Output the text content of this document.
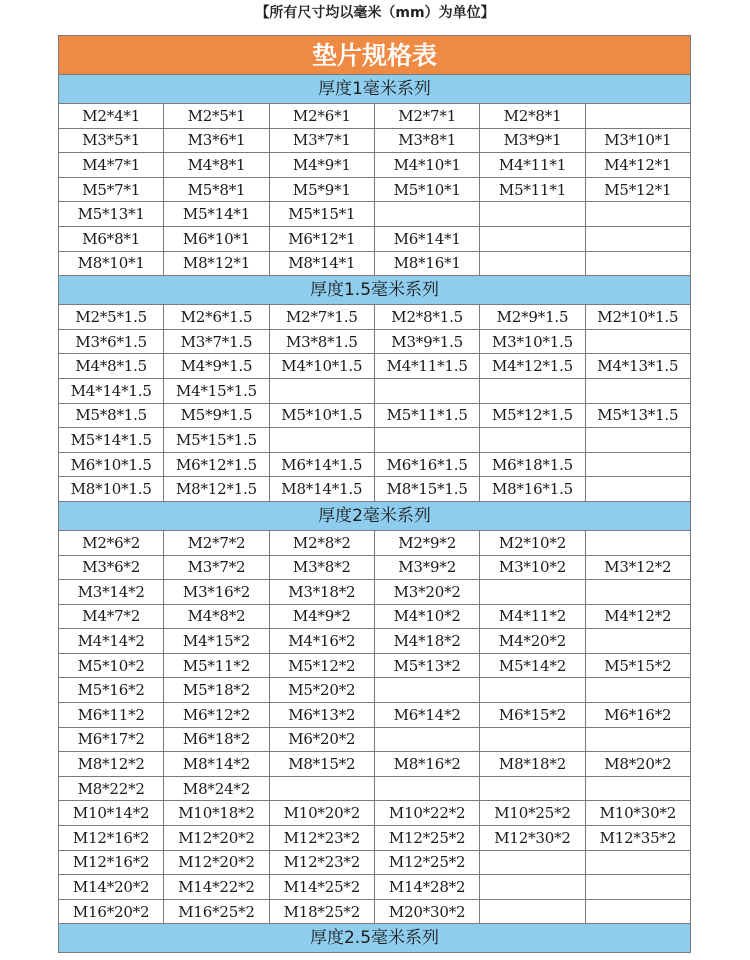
【所有尺寸均以毫米（mm）为单位】
垫片规格表
厚度1毫米系列
M2*4*1	M2*5*1	M2*6*1	M2*7*1	M2*8*1	
M3*5*1	M3*6*1	M3*7*1	M3*8*1	M3*9*1	M3*10*1
M4*7*1	M4*8*1	M4*9*1	M4*10*1	M4*11*1	M4*12*1
M5*7*1	M5*8*1	M5*9*1	M5*10*1	M5*11*1	M5*12*1
M5*13*1	M5*14*1	M5*15*1			
M6*8*1	M6*10*1	M6*12*1	M6*14*1		
M8*10*1	M8*12*1	M8*14*1	M8*16*1		
厚度1.5毫米系列
M2*5*1.5	M2*6*1.5	M2*7*1.5	M2*8*1.5	M2*9*1.5	M2*10*1.5
M3*6*1.5	M3*7*1.5	M3*8*1.5	M3*9*1.5	M3*10*1.5	
M4*8*1.5	M4*9*1.5	M4*10*1.5	M4*11*1.5	M4*12*1.5	M4*13*1.5
M4*14*1.5	M4*15*1.5				
M5*8*1.5	M5*9*1.5	M5*10*1.5	M5*11*1.5	M5*12*1.5	M5*13*1.5
M5*14*1.5	M5*15*1.5				
M6*10*1.5	M6*12*1.5	M6*14*1.5	M6*16*1.5	M6*18*1.5	
M8*10*1.5	M8*12*1.5	M8*14*1.5	M8*15*1.5	M8*16*1.5	
厚度2毫米系列
M2*6*2	M2*7*2	M2*8*2	M2*9*2	M2*10*2	
M3*6*2	M3*7*2	M3*8*2	M3*9*2	M3*10*2	M3*12*2
M3*14*2	M3*16*2	M3*18*2	M3*20*2		
M4*7*2	M4*8*2	M4*9*2	M4*10*2	M4*11*2	M4*12*2
M4*14*2	M4*15*2	M4*16*2	M4*18*2	M4*20*2	
M5*10*2	M5*11*2	M5*12*2	M5*13*2	M5*14*2	M5*15*2
M5*16*2	M5*18*2	M5*20*2			
M6*11*2	M6*12*2	M6*13*2	M6*14*2	M6*15*2	M6*16*2
M6*17*2	M6*18*2	M6*20*2			
M8*12*2	M8*14*2	M8*15*2	M8*16*2	M8*18*2	M8*20*2
M8*22*2	M8*24*2				
M10*14*2	M10*18*2	M10*20*2	M10*22*2	M10*25*2	M10*30*2
M12*16*2	M12*20*2	M12*23*2	M12*25*2	M12*30*2	M12*35*2
M12*16*2	M12*20*2	M12*23*2	M12*25*2		
M14*20*2	M14*22*2	M14*25*2	M14*28*2		
M16*20*2	M16*25*2	M18*25*2	M20*30*2		
厚度2.5毫米系列
